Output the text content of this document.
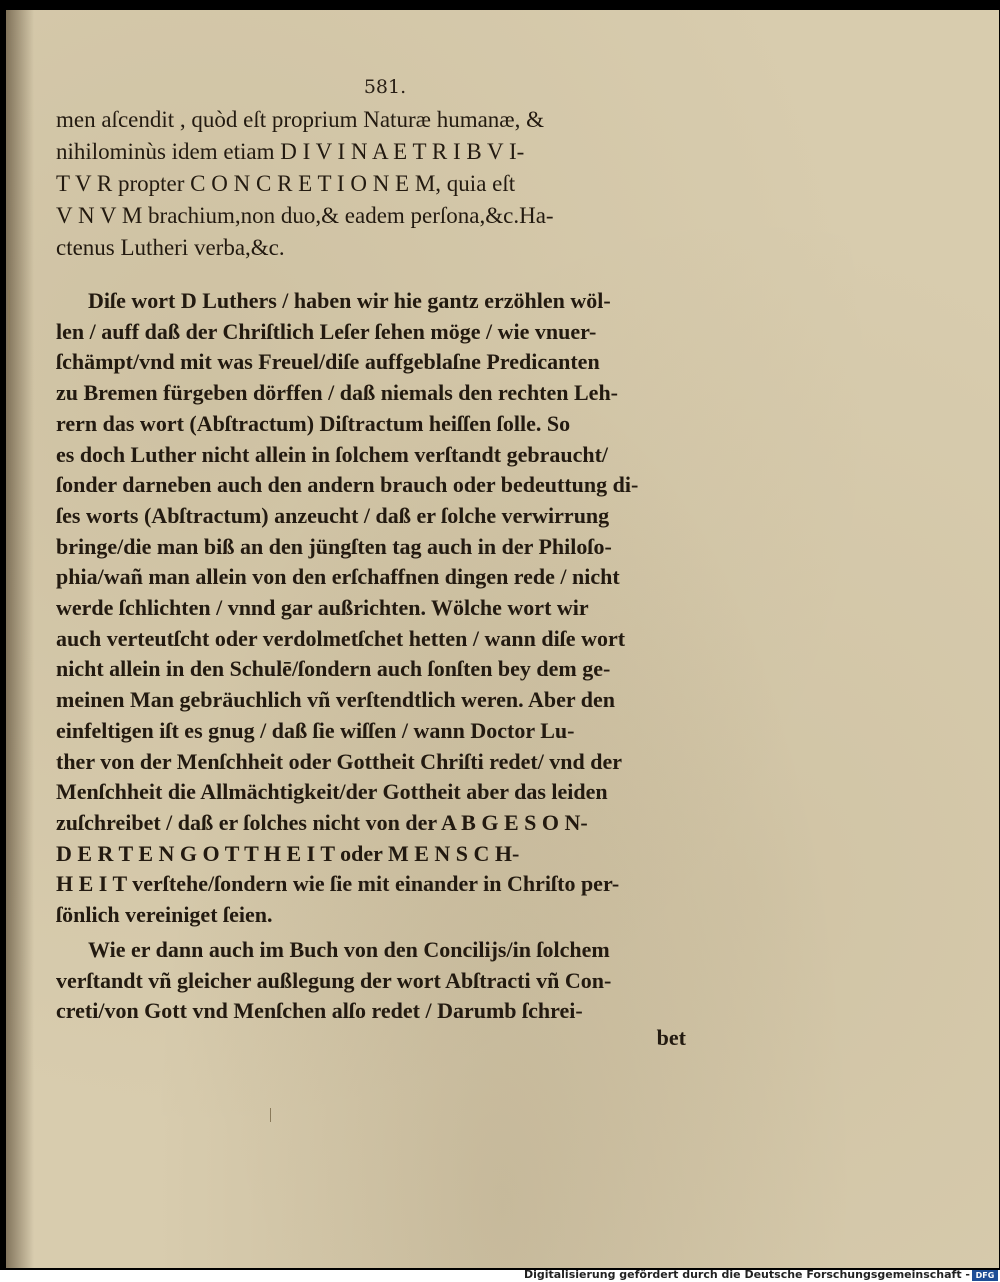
581.
men aſcendit , quòd eſt proprium Naturæ humanæ, &
nihilominùs idem etiam D I V I N A E T R I B V I-
T V R propter C O N C R E T I O N E M, quia eſt
V N V M brachium,non duo,& eadem perſona,&c.Ha-
ctenus Lutheri verba,&c.
Diſe wort D Luthers / haben wir hie gantz erzöhlen wöl-
len / auff daß der Chriſtlich Leſer ſehen möge / wie vnuer-
ſchämpt/vnd mit was Freuel/diſe auffgeblaſne Predicanten
zu Bremen fürgeben dörffen / daß niemals den rechten Leh-
rern das wort (Abſtractum) Diſtractum heiſſen ſolle. So
es doch Luther nicht allein in ſolchem verſtandt gebraucht/
ſonder darneben auch den andern brauch oder bedeuttung di-
ſes worts (Abſtractum) anzeucht / daß er ſolche verwirrung
bringe/die man biß an den jüngſten tag auch in der Philoſo-
phia/wañ man allein von den erſchaffnen dingen rede / nicht
werde ſchlichten / vnnd gar außrichten. Wölche wort wir
auch verteutſcht oder verdolmetſchet hetten / wann diſe wort
nicht allein in den Schulē/ſondern auch ſonſten bey dem ge-
meinen Man gebräuchlich vñ verſtendtlich weren. Aber den
einfeltigen iſt es gnug / daß ſie wiſſen / wann Doctor Lu-
ther von der Menſchheit oder Gottheit Chriſti redet/ vnd der
Menſchheit die Allmächtigkeit/der Gottheit aber das leiden
zuſchreibet / daß er ſolches nicht von der A B G E S O N-
D E R T E N G O T T H E I T oder M E N S C H-
H E I T verſtehe/ſondern wie ſie mit einander in Chriſto per-
ſönlich vereiniget ſeien.
Wie er dann auch im Buch von den Concilijs/in ſolchem
verſtandt vñ gleicher außlegung der wort Abſtracti vñ Con-
creti/von Gott vnd Menſchen alſo redet / Darumb ſchrei-
bet
Digitalisierung gefördert durch die Deutsche Forschungsgemeinschaft - DFG
